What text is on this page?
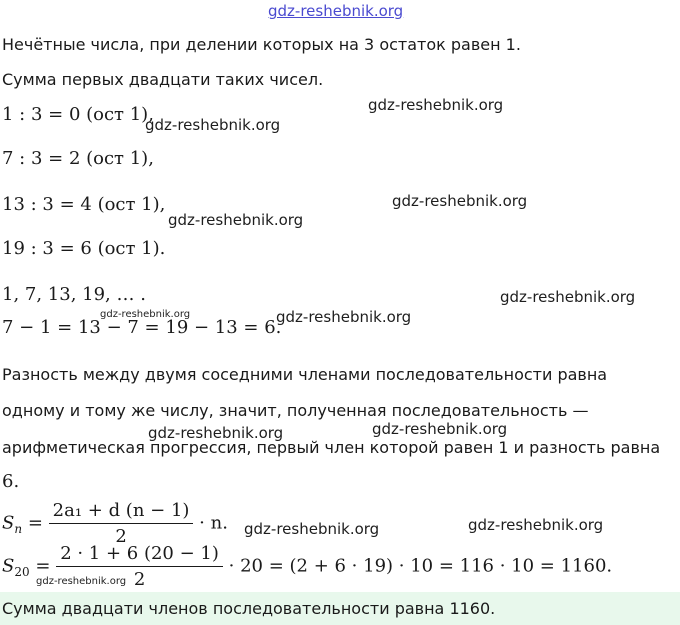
gdz-reshebnik.org
Нечётные числа, при делении которых на 3 остаток равен 1.
Сумма первых двадцати таких чисел.
1 : 3 = 0 (ост 1),
7 : 3 = 2 (ост 1),
13 : 3 = 4 (ост 1),
19 : 3 = 6 (ост 1).
1, 7, 13, 19, … .
7 − 1 = 13 − 7 = 19 − 13 = 6.
Разность между двумя соседними членами последовательности равна
одному и тому же числу, значит, полученная последовательность —
арифметическая прогрессия, первый член которой равен 1 и разность равна
6.
$S_n = \frac{\text{2a₁ + d (n − 1)}}{2} \cdot n$.
$S_{20} = \frac{2 \cdot 1 + 6 (20 - 1)}{2} \cdot 20 = (2 + 6 \cdot 19) \cdot 10 = 116 \cdot 10 = 1160$.
Сумма двадцати членов последовательности равна 1160.
gdz-reshebnik.org
gdz-reshebnik.org
gdz-reshebnik.org
gdz-reshebnik.org
gdz-reshebnik.org
gdz-reshebnik.org	gdz-reshebnik.org
gdz-reshebnik.org
gdz-reshebnik.org
gdz-reshebnik.org
gdz-reshebnik.org
gdz-reshebnik.org
